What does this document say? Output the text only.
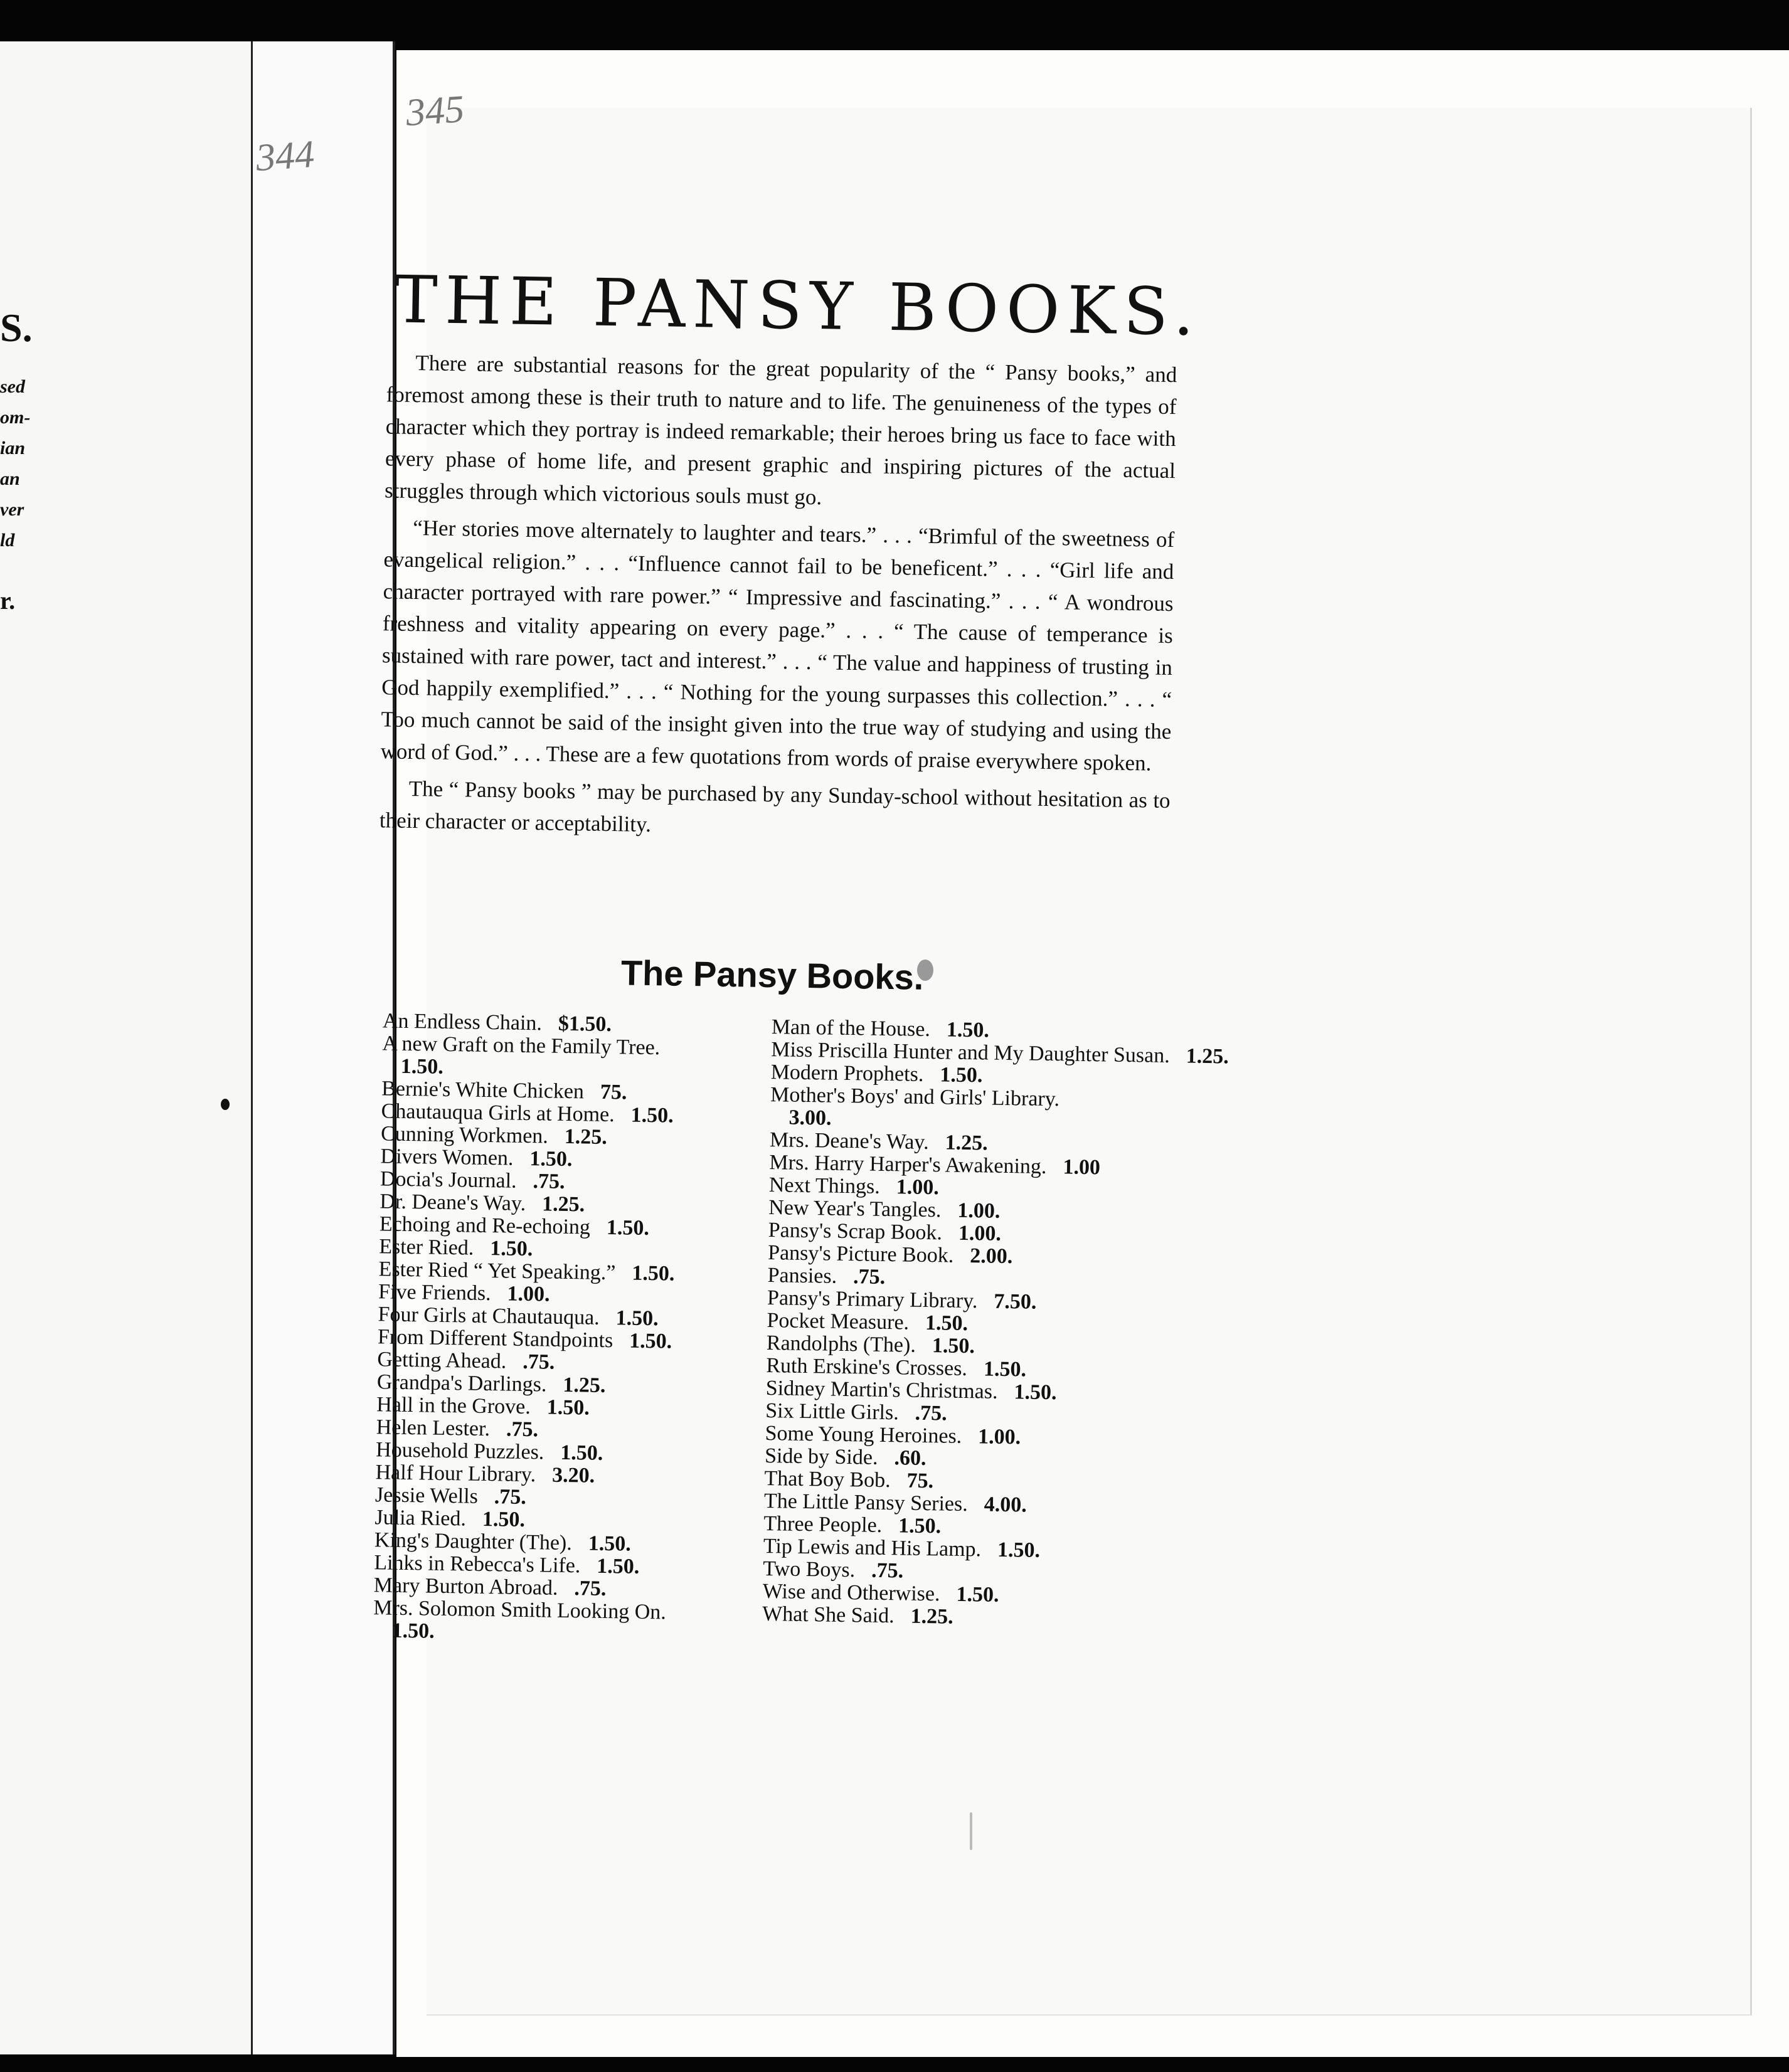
344
S.
sed
om-
ian
an
ver
ld
r.
345
THE PANSY BOOKS.

There are substantial reasons for the great popularity of the “ Pansy books,” and foremost among these is their truth to nature and to life. The genuineness of the types of character which they portray is indeed remarkable; their heroes bring us face to face with every phase of home life, and present graphic and inspiring pictures of the actual struggles through which victorious souls must go.

“Her stories move alternately to laughter and tears.” . . . “Brimful of the sweetness of evangelical religion.” . . . “Influence cannot fail to be beneficent.” . . . “Girl life and character portrayed with rare power.” “ Impressive and fascinating.” . . . “ A wondrous freshness and vitality appearing on every page.” . . . “ The cause of temperance is sustained with rare power, tact and interest.” . . . “ The value and happiness of trusting in God happily exemplified.” . . . “ Nothing for the young surpasses this collection.” . . . “ Too much cannot be said of the insight given into the true way of studying and using the word of God.” . . . These are a few quotations from words of praise everywhere spoken.

The “ Pansy books ” may be purchased by any Sunday-school without hesitation as to their character or acceptability.

The Pansy Books.
An Endless Chain. $1.50.
A new Graft on the Family Tree.
1.50.
Bernie's White Chicken 75.
Chautauqua Girls at Home. 1.50.
Cunning Workmen. 1.25.
Divers Women. 1.50.
Docia's Journal. .75.
Dr. Deane's Way. 1.25.
Echoing and Re-echoing 1.50.
Ester Ried. 1.50.
Ester Ried “ Yet Speaking.” 1.50.
Five Friends. 1.00.
Four Girls at Chautauqua. 1.50.
From Different Standpoints 1.50.
Getting Ahead. .75.
Grandpa's Darlings. 1.25.
Hall in the Grove. 1.50.
Helen Lester. .75.
Household Puzzles. 1.50.
Half Hour Library. 3.20.
Jessie Wells .75.
Julia Ried. 1.50.
King's Daughter (The). 1.50.
Links in Rebecca's Life. 1.50.
Mary Burton Abroad. .75.
Mrs. Solomon Smith Looking On.
1.50.
Man of the House. 1.50.
Miss Priscilla Hunter and My Daughter Susan. 1.25.
Modern Prophets. 1.50.
Mother's Boys' and Girls' Library.
3.00.
Mrs. Deane's Way. 1.25.
Mrs. Harry Harper's Awakening. 1.00
Next Things. 1.00.
New Year's Tangles. 1.00.
Pansy's Scrap Book. 1.00.
Pansy's Picture Book. 2.00.
Pansies. .75.
Pansy's Primary Library. 7.50.
Pocket Measure. 1.50.
Randolphs (The). 1.50.
Ruth Erskine's Crosses. 1.50.
Sidney Martin's Christmas. 1.50.
Six Little Girls. .75.
Some Young Heroines. 1.00.
Side by Side. .60.
That Boy Bob. 75.
The Little Pansy Series. 4.00.
Three People. 1.50.
Tip Lewis and His Lamp. 1.50.
Two Boys. .75.
Wise and Otherwise. 1.50.
What She Said. 1.25.
